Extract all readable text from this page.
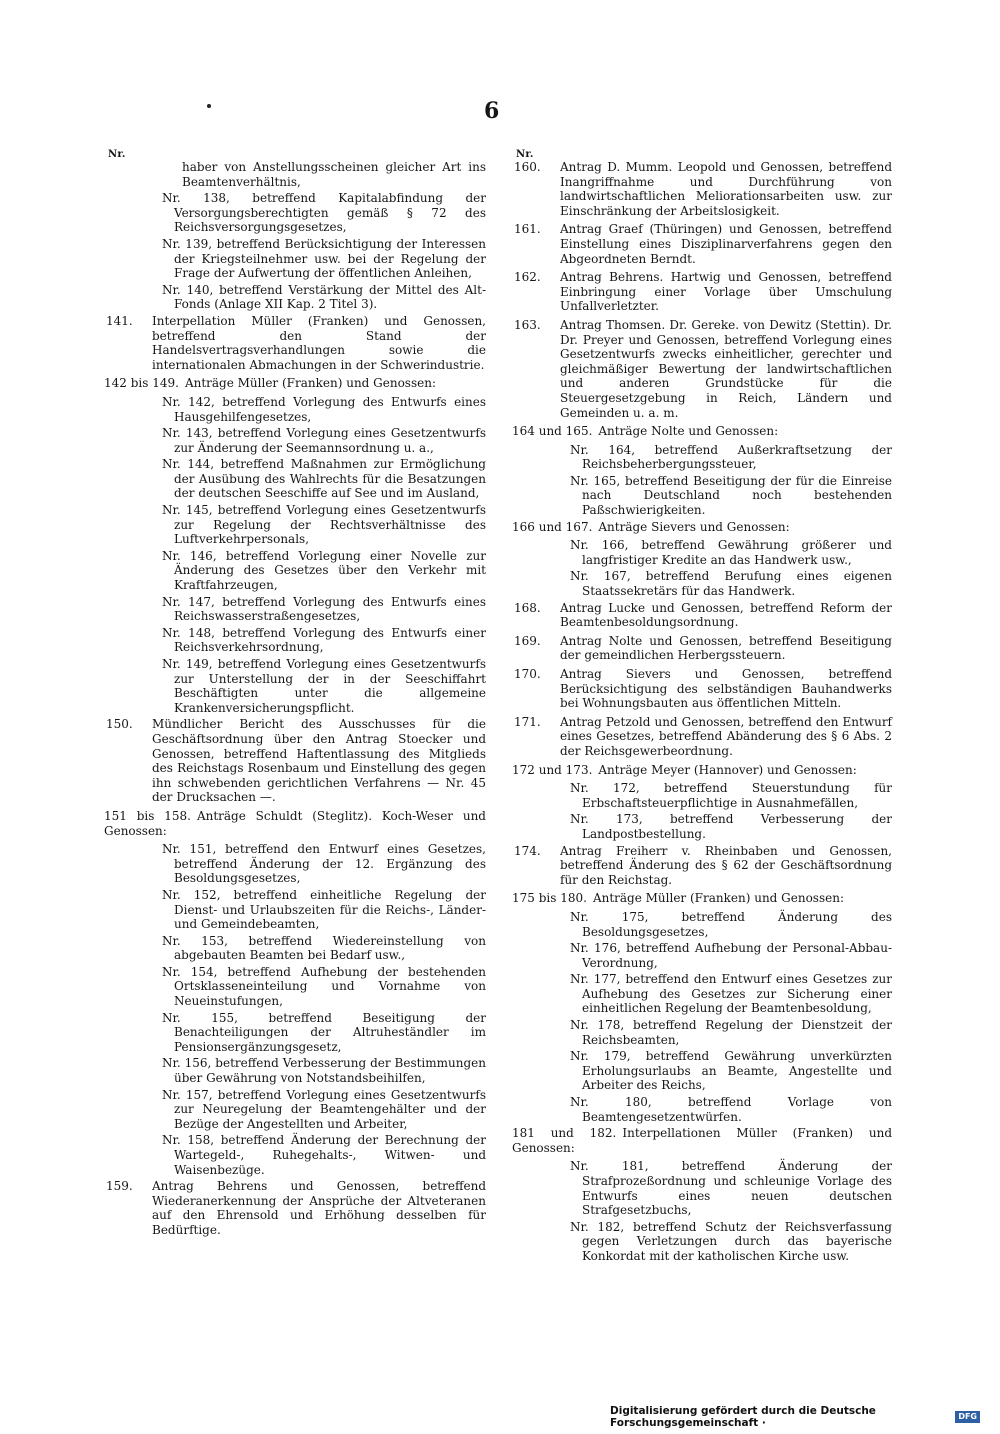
6
Nr.	Nr.
haber von Anstellungsscheinen gleicher Art ins Beamtenverhältnis,
Nr. 138, betreffend Kapitalabfindung der Versorgungsberechtigten gemäß § 72 des Reichsversorgungsgesetzes,
Nr. 139, betreffend Berücksichtigung der Interessen der Kriegsteilnehmer usw. bei der Regelung der Frage der Aufwertung der öffentlichen Anleihen,
Nr. 140, betreffend Verstärkung der Mittel des Alt-Fonds (Anlage XII Kap. 2 Titel 3).
141. Interpellation Müller (Franken) und Genossen, betreffend den Stand der Handelsvertragsverhandlungen sowie die internationalen Abmachungen in der Schwerindustrie.
142 bis 149. Anträge Müller (Franken) und Genossen:
Nr. 142, betreffend Vorlegung des Entwurfs eines Hausgehilfengesetzes,
Nr. 143, betreffend Vorlegung eines Gesetzentwurfs zur Änderung der Seemannsordnung u. a.,
Nr. 144, betreffend Maßnahmen zur Ermöglichung der Ausübung des Wahlrechts für die Besatzungen der deutschen Seeschiffe auf See und im Ausland,
Nr. 145, betreffend Vorlegung eines Gesetzentwurfs zur Regelung der Rechtsverhältnisse des Luftverkehrpersonals,
Nr. 146, betreffend Vorlegung einer Novelle zur Änderung des Gesetzes über den Verkehr mit Kraftfahrzeugen,
Nr. 147, betreffend Vorlegung des Entwurfs eines Reichswasserstraßengesetzes,
Nr. 148, betreffend Vorlegung des Entwurfs einer Reichsverkehrsordnung,
Nr. 149, betreffend Vorlegung eines Gesetzentwurfs zur Unterstellung der in der Seeschiffahrt Beschäftigten unter die allgemeine Krankenversicherungspflicht.
150. Mündlicher Bericht des Ausschusses für die Geschäftsordnung über den Antrag Stoecker und Genossen, betreffend Haftentlassung des Mitglieds des Reichstags Rosenbaum und Einstellung des gegen ihn schwebenden gerichtlichen Verfahrens — Nr. 45 der Drucksachen —.
151 bis 158. Anträge Schuldt (Steglitz). Koch-Weser und Genossen:
Nr. 151, betreffend den Entwurf eines Gesetzes, betreffend Änderung der 12. Ergänzung des Besoldungsgesetzes,
Nr. 152, betreffend einheitliche Regelung der Dienst- und Urlaubszeiten für die Reichs-, Länder- und Gemeindebeamten,
Nr. 153, betreffend Wiedereinstellung von abgebauten Beamten bei Bedarf usw.,
Nr. 154, betreffend Aufhebung der bestehenden Ortsklasseneinteilung und Vornahme von Neueinstufungen,
Nr. 155, betreffend Beseitigung der Benachteiligungen der Altruheständler im Pensionsergänzungsgesetz,
Nr. 156, betreffend Verbesserung der Bestimmungen über Gewährung von Notstandsbeihilfen,
Nr. 157, betreffend Vorlegung eines Gesetzentwurfs zur Neuregelung der Beamtengehälter und der Bezüge der Angestellten und Arbeiter,
Nr. 158, betreffend Änderung der Berechnung der Wartegeld-, Ruhegehalts-, Witwen- und Waisenbezüge.
159. Antrag Behrens und Genossen, betreffend Wiederanerkennung der Ansprüche der Altveteranen auf den Ehrensold und Erhöhung desselben für Bedürftige.
160. Antrag D. Mumm. Leopold und Genossen, betreffend Inangriffnahme und Durchführung von landwirtschaftlichen Meliorationsarbeiten usw. zur Einschränkung der Arbeitslosigkeit.
161. Antrag Graef (Thüringen) und Genossen, betreffend Einstellung eines Disziplinarverfahrens gegen den Abgeordneten Berndt.
162. Antrag Behrens. Hartwig und Genossen, betreffend Einbringung einer Vorlage über Umschulung Unfallverletzter.
163. Antrag Thomsen. Dr. Gereke. von Dewitz (Stettin). Dr. Dr. Preyer und Genossen, betreffend Vorlegung eines Gesetzentwurfs zwecks einheitlicher, gerechter und gleichmäßiger Bewertung der landwirtschaftlichen und anderen Grundstücke für die Steuergesetzgebung in Reich, Ländern und Gemeinden u. a. m.
164 und 165. Anträge Nolte und Genossen:
Nr. 164, betreffend Außerkraftsetzung der Reichsbeherbergungssteuer,
Nr. 165, betreffend Beseitigung der für die Einreise nach Deutschland noch bestehenden Paßschwierigkeiten.
166 und 167. Anträge Sievers und Genossen:
Nr. 166, betreffend Gewährung größerer und langfristiger Kredite an das Handwerk usw.,
Nr. 167, betreffend Berufung eines eigenen Staatssekretärs für das Handwerk.
168. Antrag Lucke und Genossen, betreffend Reform der Beamtenbesoldungsordnung.
169. Antrag Nolte und Genossen, betreffend Beseitigung der gemeindlichen Herbergssteuern.
170. Antrag Sievers und Genossen, betreffend Berücksichtigung des selbständigen Bauhandwerks bei Wohnungsbauten aus öffentlichen Mitteln.
171. Antrag Petzold und Genossen, betreffend den Entwurf eines Gesetzes, betreffend Abänderung des § 6 Abs. 2 der Reichsgewerbeordnung.
172 und 173. Anträge Meyer (Hannover) und Genossen:
Nr. 172, betreffend Steuerstundung für Erbschaftsteuerpflichtige in Ausnahmefällen,
Nr. 173, betreffend Verbesserung der Landpostbestellung.
174. Antrag Freiherr v. Rheinbaben und Genossen, betreffend Änderung des § 62 der Geschäftsordnung für den Reichstag.
175 bis 180. Anträge Müller (Franken) und Genossen:
Nr. 175, betreffend Änderung des Besoldungsgesetzes,
Nr. 176, betreffend Aufhebung der Personal-Abbau-Verordnung,
Nr. 177, betreffend den Entwurf eines Gesetzes zur Aufhebung des Gesetzes zur Sicherung einer einheitlichen Regelung der Beamtenbesoldung,
Nr. 178, betreffend Regelung der Dienstzeit der Reichsbeamten,
Nr. 179, betreffend Gewährung unverkürzten Erholungsurlaubs an Beamte, Angestellte und Arbeiter des Reichs,
Nr. 180, betreffend Vorlage von Beamtengesetzentwürfen.
181 und 182. Interpellationen Müller (Franken) und Genossen:
Nr. 181, betreffend Änderung der Strafprozeßordnung und schleunige Vorlage des Entwurfs eines neuen deutschen Strafgesetzbuchs,
Nr. 182, betreffend Schutz der Reichsverfassung gegen Verletzungen durch das bayerische Konkordat mit der katholischen Kirche usw.
Digitalisierung gefördert durch die Deutsche Forschungsgemeinschaft ·
DFG
